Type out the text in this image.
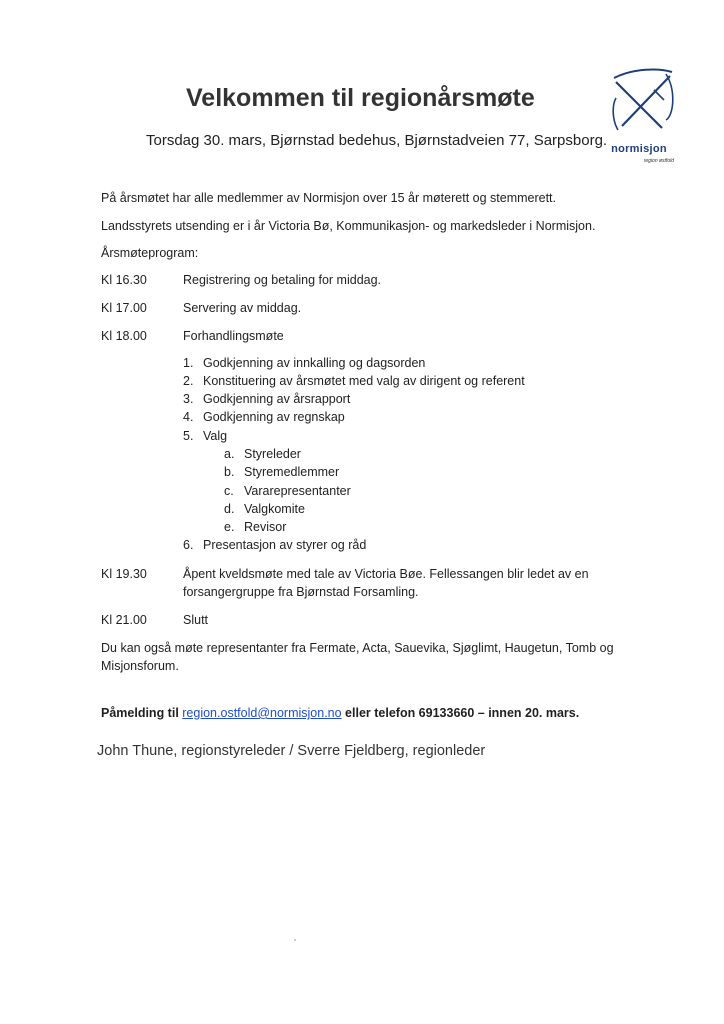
Velkommen til regionårsmøte
Torsdag 30. mars, Bjørnstad bedehus, Bjørnstadveien 77, Sarpsborg. normisjon
region østfold
På årsmøtet har alle medlemmer av Normisjon over 15 år møterett og stemmerett.
Landsstyrets utsending er i år Victoria Bø, Kommunikasjon- og markedsleder i Normisjon.
Årsmøteprogram:
Kl 16.30	Registrering og betaling for middag.
Kl 17.00	Servering av middag.
Kl 18.00	Forhandlingsmøte
1. Godkjenning av innkalling og dagsorden
2. Konstituering av årsmøtet med valg av dirigent og referent
3. Godkjenning av årsrapport
4. Godkjenning av regnskap
5. Valg
a. Styreleder
b. Styremedlemmer
c. Vararepresentanter
d. Valgkomite
e. Revisor
6. Presentasjon av styrer og råd
Kl 19.30	Åpent kveldsmøte med tale av Victoria Bøe. Fellessangen blir ledet av en
forsangergruppe fra Bjørnstad Forsamling.
Kl 21.00	Slutt
Du kan også møte representanter fra Fermate, Acta, Sauevika, Sjøglimt, Haugetun, Tomb og
Misjonsforum.
Påmelding til region.ostfold@normisjon.no eller telefon 69133660 – innen 20. mars.
John Thune, regionstyreleder / Sverre Fjeldberg, regionleder
